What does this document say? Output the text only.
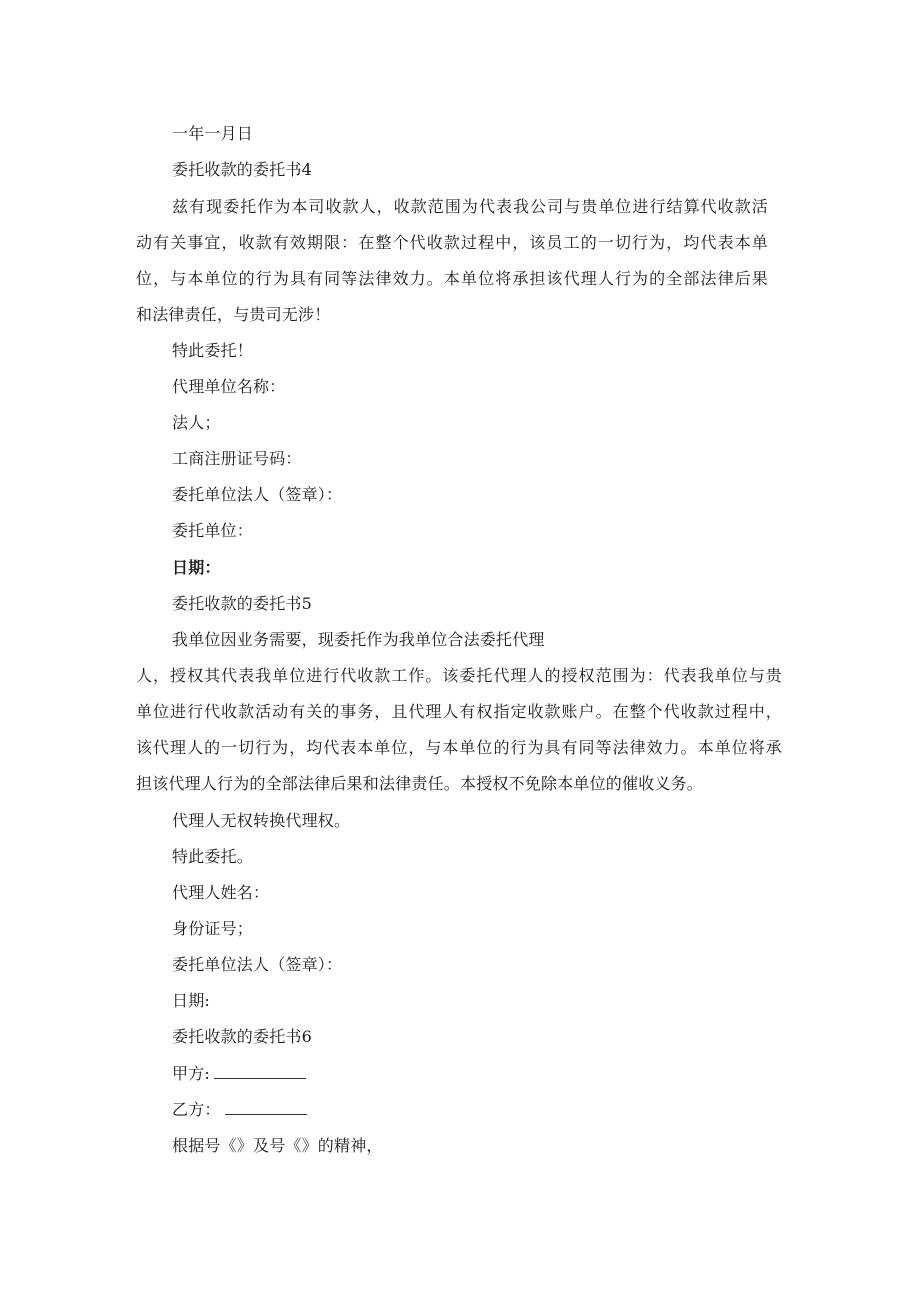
一年一月日
委托收款的委托书4
兹有现委托作为本司收款人，收款范围为代表我公司与贵单位进行结算代收款活
动有关事宜，收款有效期限：在整个代收款过程中，该员工的一切行为，均代表本单
位，与本单位的行为具有同等法律效力。本单位将承担该代理人行为的全部法律后果
和法律责任，与贵司无涉！
特此委托！
代理单位名称：
法人；
工商注册证号码：
委托单位法人（签章）：
委托单位：
日期：
委托收款的委托书5
我单位因业务需要，现委托作为我单位合法委托代理
人，授权其代表我单位进行代收款工作。该委托代理人的授权范围为：代表我单位与贵
单位进行代收款活动有关的事务，且代理人有权指定收款账户。在整个代收款过程中，
该代理人的一切行为，均代表本单位，与本单位的行为具有同等法律效力。本单位将承
担该代理人行为的全部法律后果和法律责任。本授权不免除本单位的催收义务。
代理人无权转换代理权。
特此委托。
代理人姓名：
身份证号；
委托单位法人（签章）：
日期:
委托收款的委托书6
甲方:
乙方：
根据号《》及号《》的精神，
